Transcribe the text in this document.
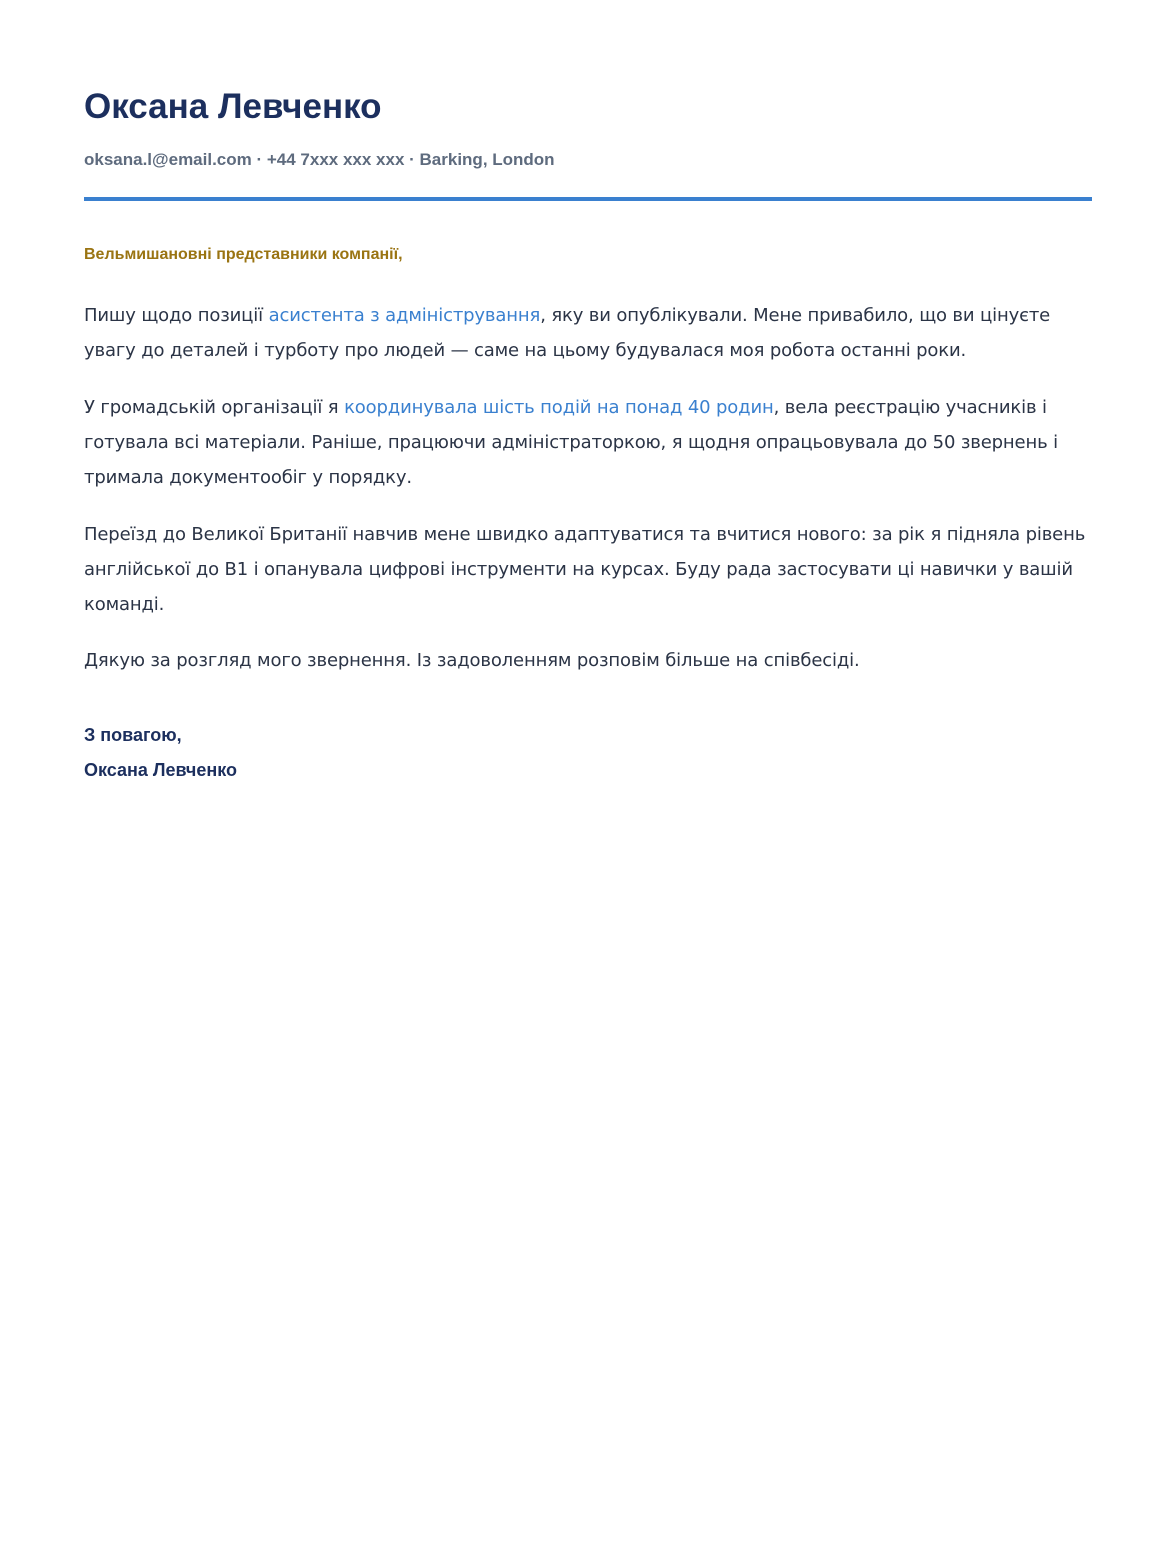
Оксана Левченко
oksana.l@email.com · +44 7xxx xxx xxx · Barking, London
Вельмишановні представники компанії,

Пишу щодо позиції асистента з адміністрування, яку ви опублікували. Мене привабило, що ви цінуєте увагу до деталей і турботу про людей — саме на цьому будувалася моя робота останні роки.

У громадській організації я координувала шість подій на понад 40 родин, вела реєстрацію учасників і готувала всі матеріали. Раніше, працюючи адміністраторкою, я щодня опрацьовувала до 50 звернень і тримала документообіг у порядку.

Переїзд до Великої Британії навчив мене швидко адаптуватися та вчитися нового: за рік я підняла рівень англійської до B1 і опанувала цифрові інструменти на курсах. Буду рада застосувати ці навички у вашій команді.

Дякую за розгляд мого звернення. Із задоволенням розповім більше на співбесіді.

З повагою,
Оксана Левченко
